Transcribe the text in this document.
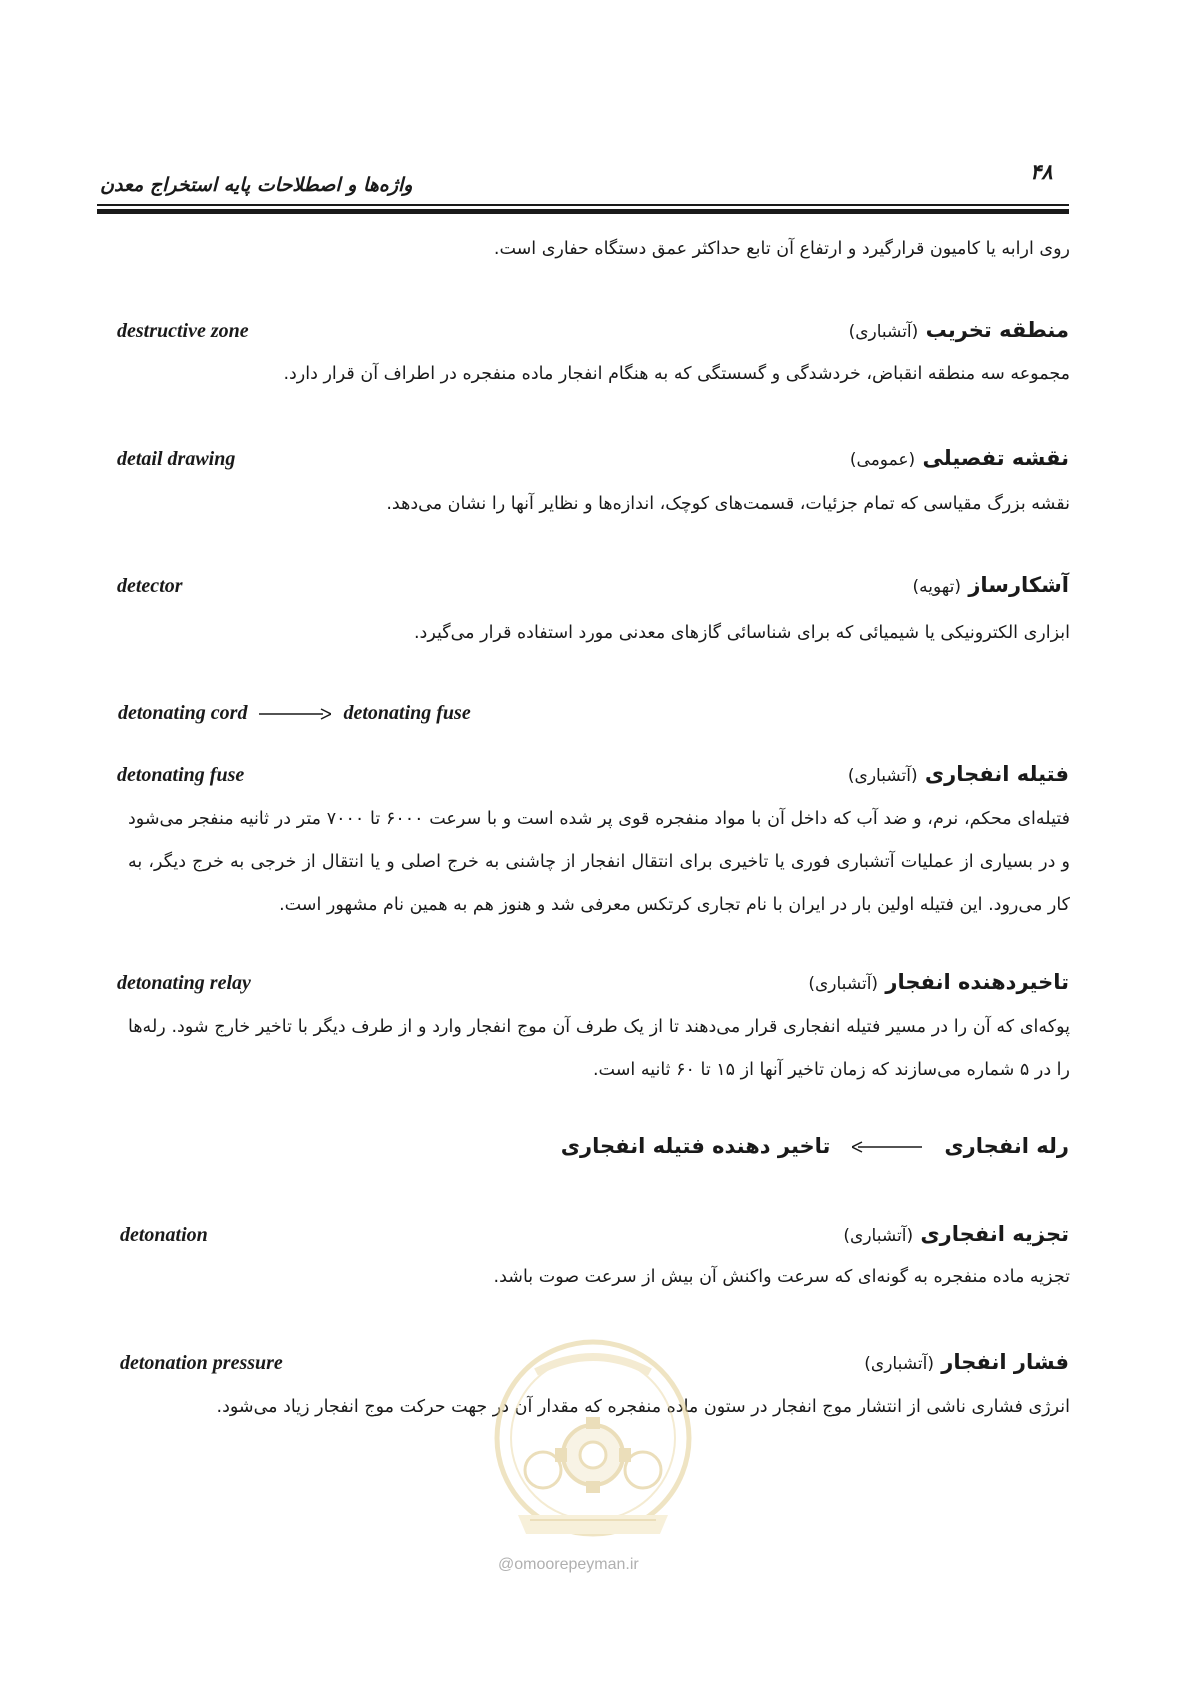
واژه‌ها و اصطلاحات پایه استخراج معدن
۴۸
روی ارابه یا کامیون قرارگیرد و ارتفاع آن تابع حداکثر عمق دستگاه حفاری است.
منطقه تخریب (آتشباری)
destructive zone
مجموعه سه منطقه انقباض، خردشدگی و گسستگی که به هنگام انفجار ماده منفجره در اطراف آن قرار دارد.
نقشه تفصیلی (عمومی)
detail drawing
نقشه بزرگ مقیاسی که تمام جزئیات، قسمت‌های کوچک، اندازه‌ها و نظایر آنها را نشان می‌دهد.
آشکارساز (تهویه)
detector
ابزاری الکترونیکی یا شیمیائی که برای شناسائی گازهای معدنی مورد استفاده قرار می‌گیرد.
detonating cord	detonating fuse
فتیله انفجاری (آتشباری)
detonating fuse
فتیله‌ای محکم، نرم، و ضد آب که داخل آن با مواد منفجره قوی پر شده است و با سرعت ۶۰۰۰ تا ۷۰۰۰ متر در ثانیه منفجر می‌شود و در بسیاری از عملیات آتشباری فوری یا تاخیری برای انتقال انفجار از چاشنی به خرج اصلی و یا انتقال از خرجی به خرج دیگر، به کار می‌رود. این فتیله اولین بار در ایران با نام تجاری کرتکس معرفی شد و هنوز هم به همین نام مشهور است.
تاخیردهنده انفجار (آتشباری)
detonating relay
پوکه‌ای که آن را در مسیر فتیله انفجاری قرار می‌دهند تا از یک طرف آن موج انفجار وارد و از طرف دیگر با تاخیر خارج شود. رله‌ها را در ۵ شماره می‌سازند که زمان تاخیر آنها از ۱۵ تا ۶۰ ثانیه است.
رله انفجاریتاخیر دهنده فتیله انفجاری
تجزیه انفجاری (آتشباری)
detonation
تجزیه ماده منفجره به گونه‌ای که سرعت واکنش آن بیش از سرعت صوت باشد.
فشار انفجار (آتشباری)
detonation pressure
انرژی فشاری ناشی از انتشار موج انفجار در ستون ماده منفجره که مقدار آن در جهت حرکت موج انفجار زیاد می‌شود.
@omoorepeyman.ir
